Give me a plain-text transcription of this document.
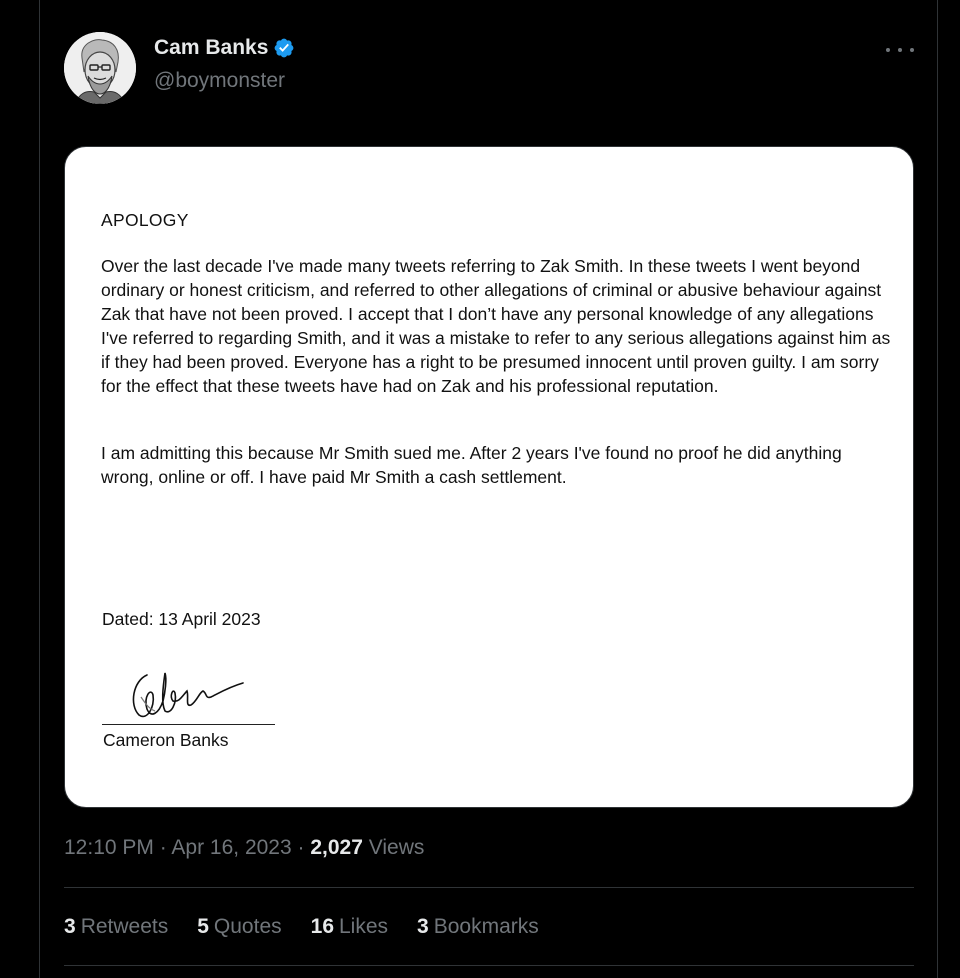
Cam Banks
@boymonster
APOLOGY

Over the last decade I've made many tweets referring to Zak Smith. In these tweets I went beyond ordinary or honest criticism, and referred to other allegations of criminal or abusive behaviour against Zak that have not been proved. I accept that I don’t have any personal knowledge of any allegations I've referred to regarding Smith, and it was a mistake to refer to any serious allegations against him as if they had been proved. Everyone has a right to be presumed innocent until proven guilty. I am sorry for the effect that these tweets have had on Zak and his professional reputation.

I am admitting this because Mr Smith sued me. After 2 years I've found no proof he did anything wrong, online or off. I have paid Mr Smith a cash settlement.

Dated: 13 April 2023
Cameron Banks
12:10 PM · Apr 16, 2023 · 2,027 Views
3 Retweets 5 Quotes 16 Likes 3 Bookmarks
